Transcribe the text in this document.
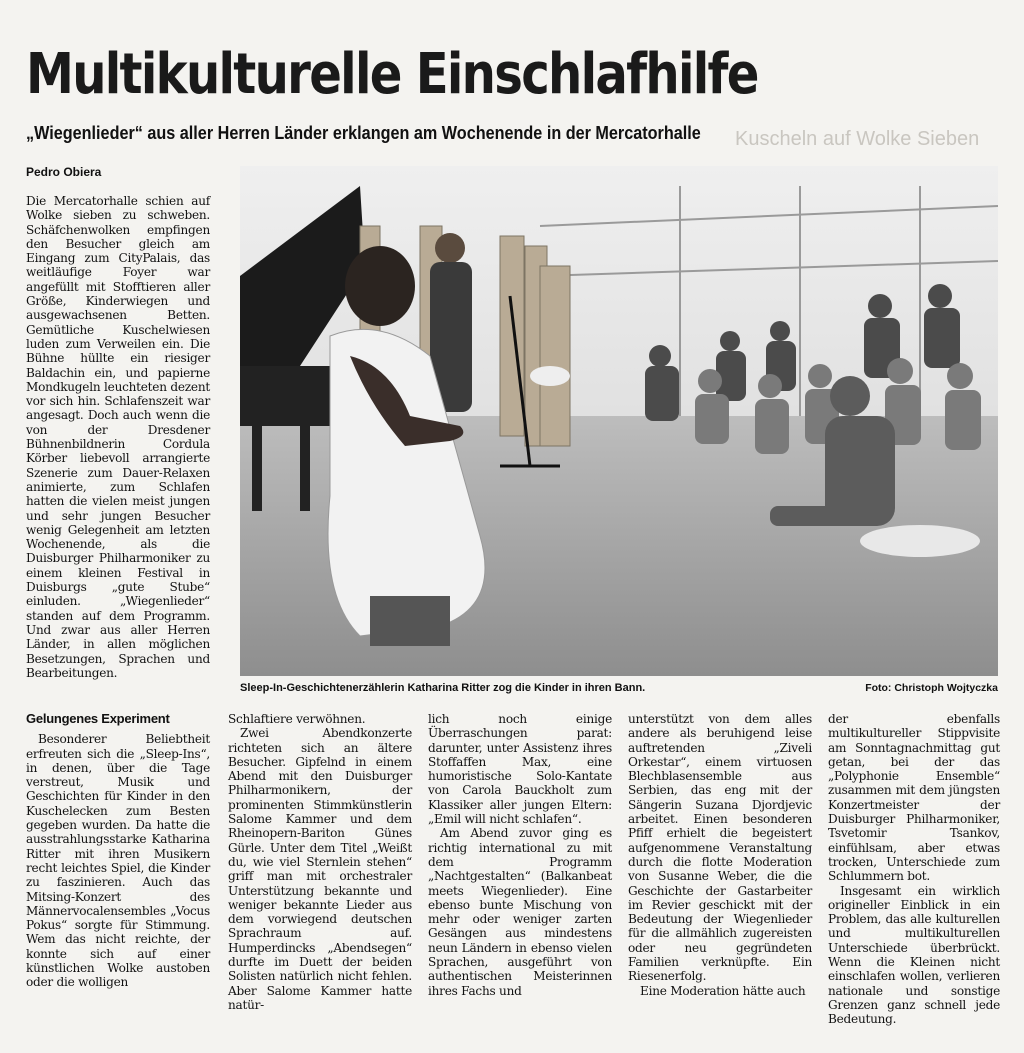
Kuscheln auf Wolke Sieben
Multikulturelle Einschlafhilfe
„Wiegenlieder“ aus aller Herren Länder erklangen am Wochenende in der Mercatorhalle
Pedro Obiera

Die Mercatorhalle schien auf Wolke sieben zu schweben. Schäfchenwolken empfingen den Besucher gleich am Eingang zum CityPalais, das weitläufige Foyer war angefüllt mit Stofftieren aller Größe, Kinderwiegen und ausgewachsenen Betten. Gemütliche Kuschelwiesen luden zum Verweilen ein. Die Bühne hüllte ein riesiger Baldachin ein, und papierne Mondkugeln leuchteten dezent vor sich hin. Schlafenszeit war angesagt. Doch auch wenn die von der Dresdener Bühnenbildnerin Cordula Körber liebevoll arrangierte Szenerie zum Dauer-Relaxen animierte, zum Schlafen hatten die vielen meist jungen und sehr jungen Besucher wenig Gelegenheit am letzten Wochenende, als die Duisburger Philharmoniker zu einem kleinen Festival in Duisburgs „gute Stube“ einluden. „Wiegenlieder“ standen auf dem Programm. Und zwar aus aller Herren Länder, in allen möglichen Besetzungen, Sprachen und Bearbeitungen.

Sleep-In-Geschichtenerzählerin Katharina Ritter zog die Kinder in ihren Bann.	Foto: Christoph Wojtyczka
Gelungenes Experiment

Besonderer Beliebtheit erfreuten sich die „Sleep-Ins“, in denen, über die Tage verstreut, Musik und Geschichten für Kinder in den Kuschelecken zum Besten gegeben wurden. Da hatte die ausstrahlungsstarke Katharina Ritter mit ihren Musikern recht leichtes Spiel, die Kinder zu faszinieren. Auch das Mitsing-Konzert des Männervocalensembles „Vocus Pokus“ sorgte für Stimmung. Wem das nicht reichte, der konnte sich auf einer künstlichen Wolke austoben oder die wolligen

Schlaftiere verwöhnen.

Zwei Abendkonzerte richteten sich an ältere Besucher. Gipfelnd in einem Abend mit den Duisburger Philharmonikern, der prominenten Stimmkünstlerin Salome Kammer und dem Rheinopern-Bariton Günes Gürle. Unter dem Titel „Weißt du, wie viel Sternlein stehen“ griff man mit orchestraler Unterstützung bekannte und weniger bekannte Lieder aus dem vorwiegend deutschen Sprachraum auf. Humperdincks „Abendsegen“ durfte im Duett der beiden Solisten natürlich nicht fehlen. Aber Salome Kammer hatte natür-

lich noch einige Überraschungen parat: darunter, unter Assistenz ihres Stoffaffen Max, eine humoristische Solo-Kantate von Carola Bauckholt zum Klassiker aller jungen Eltern: „Emil will nicht schlafen“.

Am Abend zuvor ging es richtig international zu mit dem Programm „Nachtgestalten“ (Balkanbeat meets Wiegenlieder). Eine ebenso bunte Mischung von mehr oder weniger zarten Gesängen aus mindestens neun Ländern in ebenso vielen Sprachen, ausgeführt von authentischen Meisterinnen ihres Fachs und

unterstützt von dem alles andere als beruhigend leise auftretenden „Ziveli Orkestar“, einem virtuosen Blechblasensemble aus Serbien, das eng mit der Sängerin Suzana Djordjevic arbeitet. Einen besonderen Pfiff erhielt die begeistert aufgenommene Veranstaltung durch die flotte Moderation von Susanne Weber, die die Geschichte der Gastarbeiter im Revier geschickt mit der Bedeutung der Wiegenlieder für die allmählich zugereisten oder neu gegründeten Familien verknüpfte. Ein Riesenerfolg.

Eine Moderation hätte auch

der ebenfalls multikultureller Stippvisite am Sonntagnachmittag gut getan, bei der das „Polyphonie Ensemble“ zusammen mit dem jüngsten Konzertmeister der Duisburger Philharmoniker, Tsvetomir Tsankov, einfühlsam, aber etwas trocken, Unterschiede zum Schlummern bot.

Insgesamt ein wirklich origineller Einblick in ein Problem, das alle kulturellen und multikulturellen Unterschiede überbrückt. Wenn die Kleinen nicht einschlafen wollen, verlieren nationale und sonstige Grenzen ganz schnell jede Bedeutung.
